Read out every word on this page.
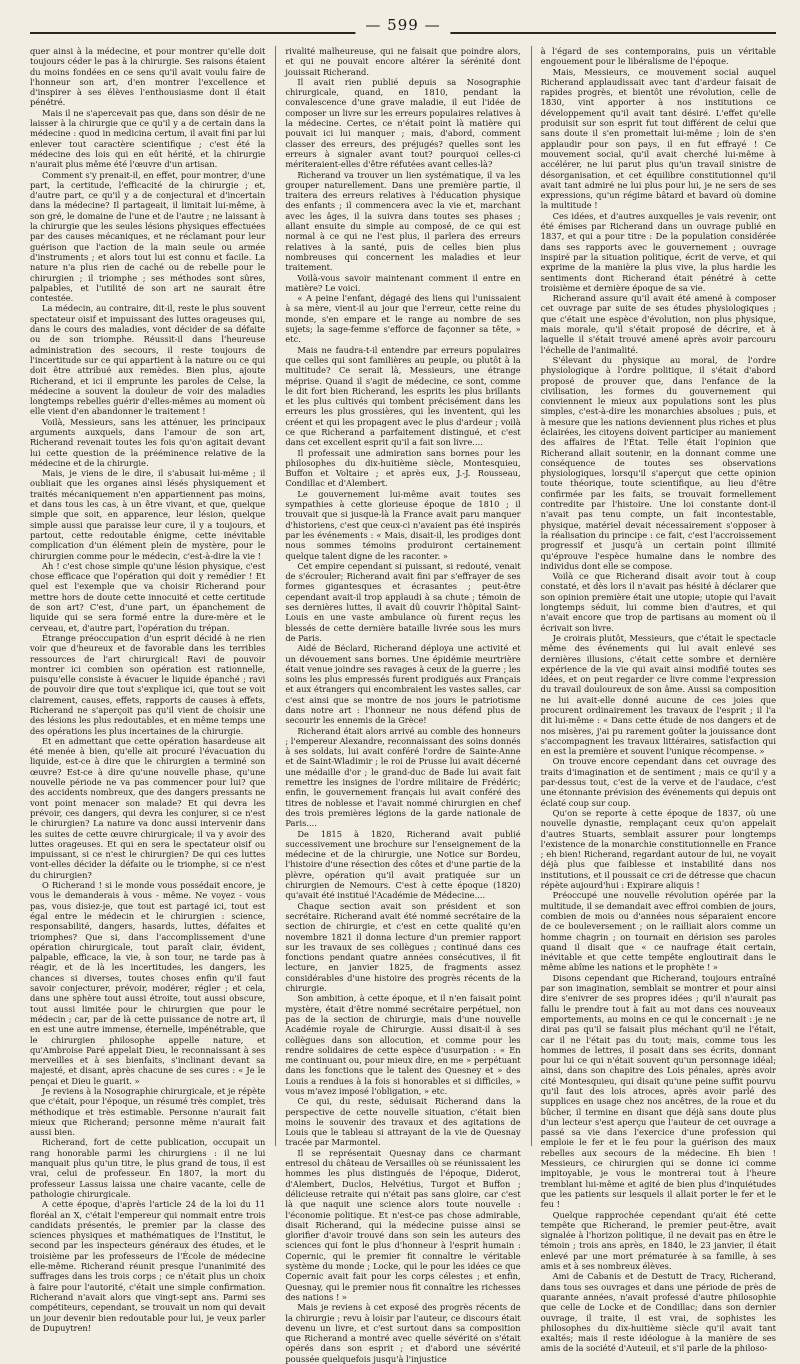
— 599 —

quer ainsi à la médecine, et pour montrer qu'elle doit toujours céder le pas à la chirurgie. Ses raisons étaient du moins fondées en ce sens qu'il avait voulu faire de l'honneur son art, d'en montrer l'excellence et d'inspirer à ses élèves l'enthousiasme dont il était pénétré.

Mais il ne s'apercevait pas que, dans son désir de ne laisser à la chirurgie que ce qu'il y a de certain dans la médecine : quod in medicina certum, il avait fini par lui enlever tout caractère scientifique ; c'est été la médecine des lois qui en eût hérité, et la chirurgie n'aurait plus même été l'œuvre d'un artisan.

Comment s'y prenait-il, en effet, pour montrer, d'une part, la certitude, l'efficacité de la chirurgie ; et, d'autre part, ce qu'il y a de conjectural et d'incertain dans la médecine? Il partageait, il limitait lui-même, à son gré, le domaine de l'une et de l'autre ; ne laissant à la chirurgie que les seules lésions physiques effectuées par des causes mécaniques, et ne réclamant pour leur guérison que l'action de la main seule ou armée d'instruments ; et alors tout lui est connu et facile. La nature n'a plus rien de caché ou de rebelle pour le chirurgien ; il triomphe ; ses méthodes sont sûres, palpables, et l'utilité de son art ne saurait être contestée.

La médecin, au contraire, dit-il, reste le plus souvent spectateur oisif et impuissant des luttes orageuses qui, dans le cours des maladies, vont décider de sa défaite ou de son triomphe. Réussit-il dans l'heureuse administration des secours, il reste toujours de l'incertitude sur ce qui appartient à la nature ou ce qui doit être attribué aux remèdes. Bien plus, ajoute Richerand, et ici il emprunte les paroles de Celse, la médecine a souvent la douleur de voir des maladies longtemps rebelles guérir d'elles-mêmes au moment où elle vient d'en abandonner le traitement !

Voilà, Messieurs, sans les atténuer, les principaux arguments auxquels, dans l'amour de son art, Richerand revenait toutes les fois qu'on agitait devant lui cette question de la prééminence relative de la médecine et de la chirurgie.

Mais, je viens de le dire, il s'abusait lui-même ; il oubliait que les organes ainsi lésés physiquement et traités mécaniquement n'en appartiennent pas moins, et dans tous les cas, à un être vivant, et que, quelque simple que soit, en apparence, leur lésion, quelque simple aussi que paraisse leur cure, il y a toujours, et partout, cette redoutable énigme, cette inévitable complication d'un élément plein de mystère, pour le chirurgien comme pour le médecin, c'est-à-dire la vie !

Ah ! c'est chose simple qu'une lésion physique, c'est chose efficace que l'opération qui doit y remédier ! Et quel est l'exemple que va choisir Richerand pour mettre hors de doute cette innocuité et cette certitude de son art? C'est, d'une part, un épanchement de liquide qui se sera formé entre la dure-mère et le cerveau, et, d'autre part, l'opération du trépan.

Étrange préoccupation d'un esprit décidé à ne rien voir que d'heureux et de favorable dans les terribles ressources de l'art chirurgical! Ravi de pouvoir montrer ici combien son opération est rationnelle, puisqu'elle consiste à évacuer le liquide épanché ; ravi de pouvoir dire que tout s'explique ici, que tout se voit clairement, causes, effets, rapports de causes à effets, Richerand ne s'aperçoit pas qu'il vient de choisir une des lésions les plus redoutables, et en même temps une des opérations les plus incertaines de la chirurgie.

Et en admettant que cette opération hasardeuse ait été menée à bien, qu'elle ait procuré l'évacuation du liquide, est-ce à dire que le chirurgien a terminé son œuvre? Est-ce à dire qu'une nouvelle phase, qu'une nouvelle période ne va pas commencer pour lui? que des accidents nombreux, que des dangers pressants ne vont point menacer son malade? Et qui devra les prévoir, ces dangers, qui devra les conjurer, si ce n'est le chirurgien? La nature va donc aussi intervenir dans les suites de cette œuvre chirurgicale; il va y avoir des luttes orageuses. Et qui en sera le spectateur oisif ou impuissant, si ce n'est le chirurgien? De qui ces luttes vont-elles décider la défaite ou le triomphe, si ce n'est du chirurgien?

O Richerand ! si le monde vous possédait encore, je vous le demanderais à vous - même. Ne voyez - vous pas, vous disiez-je, que tout est partagé ici, tout est égal entre le médecin et le chirurgien : science, responsabilité, dangers, hasards, luttes, défaites et triomphes? Que si, dans l'accomplissement d'une opération chirurgicale, tout paraît clair, évident, palpable, efficace, la vie, à son tour, ne tarde pas à réagir, et de là les incertitudes, les dangers, les chances si diverses, toutes choses enfin qu'il faut savoir conjecturer, prévoir, modérer, régler ; et cela, dans une sphère tout aussi étroite, tout aussi obscure, tout aussi limitée pour le chirurgien que pour le médecin ; car, par de là cette puissance de notre art, il en est une autre immense, éternelle, impénétrable, que le chirurgien philosophe appelle nature, et qu'Ambroise Paré appelait Dieu, le reconnaissant à ses merveilles et à ses bienfaits, s'inclinant devant sa majesté, et disant, après chacune de ses cures : « Je le pençai et Dieu le guarit. »

Je reviens à la Nosographie chirurgicale, et je répète que c'était, pour l'époque, un résumé très complet, très méthodique et très estimable. Personne n'aurait fait mieux que Richerand; personne même n'aurait fait aussi bien.

Richerand, fort de cette publication, occupait un rang honorable parmi les chirurgiens : il ne lui manquait plus qu'un titre, le plus grand de tous, il est vrai, celui de professeur. En 1807, la mort du professeur Lassus laissa une chaire vacante, celle de pathologie chirurgicale.

A cette époque, d'après l'article 24 de la loi du 11 floréal an X, c'était l'empereur qui nommait entre trois candidats présentés, le premier par la classe des sciences physiques et mathématiques de l'Institut, le second par les inspecteurs généraux des études, et le troisième par les professeurs de l'École de médecine elle-même. Richerand réunit presque l'unanimité des suffrages dans les trois corps ; ce n'était plus un choix à faire pour l'autorité, c'était une simple confirmation. Richerand n'avait alors que vingt-sept ans. Parmi ses compétiteurs, cependant, se trouvait un nom qui devait un jour devenir bien redoutable pour lui, je veux parler de Dupuytren!

rivalité malheureuse, qui ne faisait que poindre alors, et qui ne pouvait encore altérer la sérénité dont jouissait Richerand.

Il avait rien publié depuis sa Nosographie chirurgicale, quand, en 1810, pendant la convalescence d'une grave maladie, il eut l'idée de composer un livre sur les erreurs populaires relatives à la médecine. Certes, ce n'était point là matière qui pouvait ici lui manquer ; mais, d'abord, comment classer des erreurs, des préjugés? quelles sont les erreurs à signaler avant tout? pourquoi celles-ci mériteraient-elles d'être réfutées avant celles-là?

Richerand va trouver un lien systématique, il va les grouper naturellement. Dans une première partie, il traitera des erreurs relatives à l'éducation physique des enfants ; il commencera avec la vie et, marchant avec les âges, il la suivra dans toutes ses phases ; allant ensuite du simple au composé, de ce qui est normal à ce qui ne l'est plus, il parlera des erreurs relatives à la santé, puis de celles bien plus nombreuses qui concernent les maladies et leur traitement.

Voilà-vous savoir maintenant comment il entre en matière? Le voici.

« A peine l'enfant, dégagé des liens qui l'unissaient à sa mère, vient-il au jour que l'erreur, cette reine du monde, s'en empare et le range au nombre de ses sujets; la sage-femme s'efforce de façonner sa tête, » etc.

Mais ne faudra-t-il entendre par erreurs populaires que celles qui sont familières au peuple, ou plutôt à la multitude? Ce serait là, Messieurs, une étrange méprise. Quand il s'agit de médecine, ce sont, comme le dit fort bien Richerand, les esprits les plus brillants et les plus cultivés qui tombent précisément dans les erreurs les plus grossières, qui les inventent, qui les créent et qui les propagent avec le plus d'ardeur ; voilà ce que Richerand a parfaitement distingué, et c'est dans cet excellent esprit qu'il a fait son livre....

Il professait une admiration sans bornes pour les philosophes du dix-huitième siècle, Montesquieu, Buffon et Voltaire ; et après eux, J.-J. Rousseau, Condillac et d'Alembert.

Le gouvernement lui-même avait toutes ses sympathies à cette glorieuse époque de 1810 ; il trouvait que si jusque-là la France avait paru manquer d'historiens, c'est que ceux-ci n'avaient pas été inspirés par les événements : « Mais, disait-il, les prodiges dont nous sommes témoins produiront certainement quelque talent digne de les raconter. »

Cet empire cependant si puissant, si redouté, venait de s'écrouler; Richerand avait fini par s'effrayer de ses formes gigantesques et écrasantes ; peut-être cependant avait-il trop applaudi à sa chute ; témoin de ses dernières luttes, il avait dû couvrir l'hôpital Saint-Louis en une vaste ambulance où furent reçus les blessés de cette dernière bataille livrée sous les murs de Paris.

Aidé de Béclard, Richerand déploya une activité et un dévouement sans bornes. Une épidémie meurtrière était venue joindre ses ravages à ceux de la guerre ; les soins les plus empressés furent prodigués aux Français et aux étrangers qui encombraient les vastes salles, car c'est ainsi que se montre de nos jours le patriotisme dans notre art : l'honneur ne nous défend plus de secourir les ennemis de la Grèce!

Richerand était alors arrivé au comble des honneurs ; l'empereur Alexandre, reconnaissant des soins donnés à ses soldats, lui avait conféré l'ordre de Sainte-Anne et de Saint-Wladimir ; le roi de Prusse lui avait décerné une médaille d'or ; le grand-duc de Bade lui avait fait remettre les insignes de l'ordre militaire de Frédéric; enfin, le gouvernement français lui avait conféré des titres de noblesse et l'avait nommé chirurgien en chef des trois premières légions de la garde nationale de Paris....

De 1815 à 1820, Richerand avait publié successivement une brochure sur l'enseignement de la médecine et de la chirurgie, une Notice sur Bordeu, l'histoire d'une résection des côtes et d'une partie de la plèvre, opération qu'il avait pratiquée sur un chirurgien de Nemours. C'est à cette époque (1820) qu'avait été institué l'Académie de Médecine....

Chaque section avait son président et son secrétaire. Richerand avait été nommé secrétaire de la section de chirurgie, et c'est en cette qualité qu'en novembre 1821 il donna lecture d'un premier rapport sur les travaux de ses collègues ; continué dans ces fonctions pendant quatre années consécutives, il fit lecture, en janvier 1825, de fragments assez considérables d'une histoire des progrès récents de la chirurgie.

Son ambition, à cette époque, et il n'en faisait point mystère, était d'être nommé secrétaire perpétuel, non pas de la section de chirurgie, mais d'une nouvelle Académie royale de Chirurgie. Aussi disait-il à ses collègues dans son allocution, et comme pour les rendre solidaires de cette espèce d'usurpation : « En me continuant ou, pour mieux dire, en me » perpétuant dans les fonctions que le talent des Quesney et » des Louis a rendues à la fois si honorables et si difficiles, » vous m'avez imposé l'obligation, » etc.

Ce qui, du reste, séduisait Richerand dans la perspective de cette nouvelle situation, c'était bien moins le souvenir des travaux et des agitations de Louis que le tableau si attrayant de la vie de Quesnay tracée par Marmontel.

Il se représentait Quesnay dans ce charmant entresol du château de Versailles où se réunissaient les hommes les plus distingués de l'époque, Diderot, d'Alembert, Duclos, Helvétius, Turgot et Buffon ; délicieuse retraite qui n'était pas sans gloire, car c'est là que naquit une science alors toute nouvelle : l'économie politique. Et n'est-ce pas chose admirable, disait Richerand, qui la médecine puisse ainsi se glorifier d'avoir trouvé dans son sein les auteurs des sciences qui font le plus d'honneur à l'esprit humain : Copernic, qui le premier fit connaître le véritable système du monde ; Locke, qui le pour les idées ce que Copernic avait fait pour les corps célestes ; et enfin, Quesnay, qui le premier nous fit connaître les richesses des nations ! »

Mais je reviens à cet exposé des progrès récents de la chirurgie ; revu à loisir par l'auteur, ce discours était devenu un livre, et c'est surtout dans sa composition que Richerand a montré avec quelle sévérité on s'était opérés dans son esprit ; et d'abord une sévérité poussée quelquefois jusqu'à l'injustice

à l'égard de ses contemporains, puis un véritable engouement pour le libéralisme de l'époque.

Mais, Messieurs, ce mouvement social auquel Richerand applaudissait avec tant d'ardeur faisait de rapides progrès, et bientôt une révolution, celle de 1830, vint apporter à nos institutions ce développement qu'il avait tant désiré. L'effet qu'elle produisit sur son esprit fut tout différent de celui que sans doute il s'en promettait lui-même ; loin de s'en applaudir pour son pays, il en fut effrayé ! Ce mouvement social, qu'il avait cherché lui-même à accélérer, ne lui parut plus qu'un travail sinistre de désorganisation, et cet équilibre constitutionnel qu'il avait tant admiré ne lui plus pour lui, je ne sers de ses expressions, qu'un régime bâtard et bavard où domine la multitude !

Ces idées, et d'autres auxquelles je vais revenir, ont été émises par Richerand dans un ouvrage publié en 1837, et qui a pour titre : De la population considérée dans ses rapports avec le gouvernement ; ouvrage inspiré par la situation politique, écrit de verve, et qui exprime de la manière la plus vive, la plus hardie les sentiments dont Richerand était pénétré à cette troisième et dernière époque de sa vie.

Richerand assure qu'il avait été amené à composer cet ouvrage par suite de ses études physiologiques ; que c'était une espèce d'évolution, non plus physique, mais morale, qu'il s'était proposé de décrire, et à laquelle il s'était trouvé amené après avoir parcouru l'échelle de l'animalité.

S'élevant du physique au moral, de l'ordre physiologique à l'ordre politique, il s'était d'abord proposé de prouver que, dans l'enfance de la civilisation, les formes du gouvernement qui conviennent le mieux aux populations sont les plus simples, c'est-à-dire les monarchies absolues ; puis, et à mesure que les nations deviennent plus riches et plus éclairées, les citoyens doivent participer au maniement des affaires de l'État. Telle était l'opinion que Richerand allait soutenir, en la donnant comme une conséquence de toutes ses observations physiologiques, lorsqu'il s'aperçut que cette opinion toute théorique, toute scientifique, au lieu d'être confirmée par les faits, se trouvait formellement contredite par l'histoire. Une loi constante dont-il n'avait pas tenu compte, un fait incontestable, physique, matériel devait nécessairement s'opposer à la réalisation du principe : ce fait, c'est l'accroissement progressif et jusqu'à un certain point illimité qu'éprouve l'espèce humaine dans le nombre des individus dont elle se compose.

Voilà ce que Richerand disait avoir tout à coup constaté, et dès lors il n'avait pas hésité à déclarer que son opinion première était une utopie; utopie qui l'avait longtemps séduit, lui comme bien d'autres, et qui n'avait encore que trop de partisans au moment où il écrivait son livre.

Je croirais plutôt, Messieurs, que c'était le spectacle même des événements qui lui avait enlevé ses dernières illusions, c'était cette sombre et dernière expérience de la vie qui avait ainsi modifié toutes ses idées, et on peut regarder ce livre comme l'expression du travail douloureux de son âme. Aussi sa composition ne lui avait-elle donné aucune de ces joies que procurent ordinairement les travaux de l'esprit ; il l'a dit lui-même : « Dans cette étude de nos dangers et de nos misères, j'ai pu rarement goûter la jouissance dont s'accompagnent les travaux littéraires, satisfaction qui en est la première et souvent l'unique récompense. »

On trouve encore cependant dans cet ouvrage des traits d'imagination et de sentiment ; mais ce qu'il y a par-dessus tout, c'est de la verve et de l'audace, c'est une étonnante prévision des événements qui depuis ont éclaté coup sur coup.

Qu'on se reporte à cette époque de 1837, où une nouvelle dynastie, remplaçant ceux qu'on appelait d'autres Stuarts, semblait assurer pour longtemps l'existence de la monarchie constitutionnelle en France ; eh bien! Richerand, regardant autour de lui, ne voyait déjà plus que faiblesse et instabilité dans nos institutions, et il poussait ce cri de détresse que chacun répète aujourd'hui : Expirare aliquis !

Préoccupé une nouvelle révolution opérée par la multitude, il se demandait avec effroi combien de jours, combien de mois ou d'années nous séparaient encore de ce bouleversement ; on le railliait alors comme un homme chagrin ; on tournait en dérision ses paroles quand il disait que « ce naufrage était certain, inévitable et que cette tempête engloutirait dans le même abîme les nations et le prophète ! »

Disons cependant que Richerand, toujours entraîné par son imagination, semblait se montrer et pour ainsi dire s'enivrer de ses propres idées ; qu'il n'aurait pas fallu le prendre tout à fait au mot dans ces nouveaux emportements, au moins en ce qui le concernait : je ne dirai pas qu'il se faisait plus méchant qu'il ne l'était, car il ne l'était pas du tout; mais, comme tous les hommes de lettres, il posait dans ses écrits, donnant pour lui ce qui n'était souvent qu'un personnage idéal; ainsi, dans son chapitre des Lois pénales, après avoir cité Montesquieu, qui disait qu'une peine suffit pourvu qu'il faut des lois atroces, après avoir parlé des supplices en usage chez nos ancêtres, de la roue et du bûcher, il termine en disant que déjà sans doute plus d'un lecteur s'est aperçu que l'auteur de cet ouvrage a passé sa vie dans l'exercice d'une profession qui emploie le fer et le feu pour la guérison des maux rebelles aux secours de la médecine. Eh bien ! Messieurs, ce chirurgien qui se donne ici comme impitoyable, je vous le montrerai tout à l'heure tremblant lui-même et agité de bien plus d'inquiétudes que les patients sur lesquels il allait porter le fer et le feu !

Quelque rapprochée cependant qu'ait été cette tempête que Richerand, le premier peut-être, avait signalée à l'horizon politique, il ne devait pas en être le témoin ; trois ans après, en 1840, le 23 janvier, il était enlevé par une mort prématurée à sa famille, à ses amis et à ses nombreux élèves.

Ami de Cabanis et de Destutt de Tracy, Richerand, dans tous ses ouvrages et dans une période de près de quarante années, n'avait professé d'autre philosophie que celle de Locke et de Condillac; dans son dernier ouvrage, il traite, il est vrai, de sophistes les philosophes du dix-huitième siècle qu'il avait tant exaltés; mais il reste idéologue à la manière de ses amis de la société d'Auteuil, et s'il parle de la philoso-
